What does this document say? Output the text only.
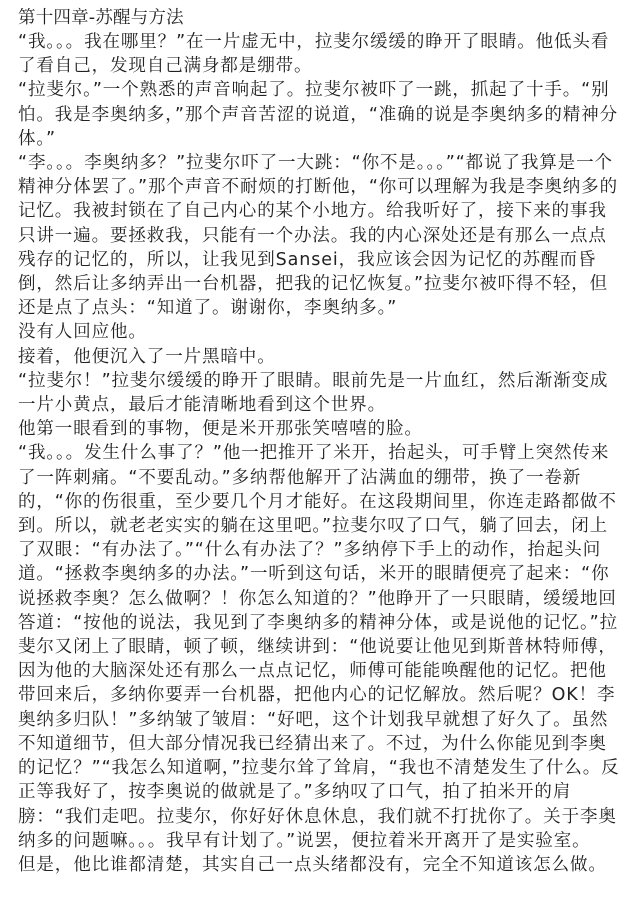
第十四章-苏醒与方法

“我。。。我在哪里？”在一片虚无中，拉斐尔缓缓的睁开了眼睛。他低头看了看自己，发现自己满身都是绷带。

“拉斐尔。”一个熟悉的声音响起了。拉斐尔被吓了一跳，抓起了十手。“别怕。我是李奥纳多，”那个声音苦涩的说道，“准确的说是李奥纳多的精神分体。”

“李。。。李奥纳多？”拉斐尔吓了一大跳：“你不是。。。”“都说了我算是一个精神分体罢了。”那个声音不耐烦的打断他，“你可以理解为我是李奥纳多的记忆。我被封锁在了自己内心的某个小地方。给我听好了，接下来的事我只讲一遍。要拯救我，只能有一个办法。我的内心深处还是有那么一点点残存的记忆的，所以，让我见到Sansei，我应该会因为记忆的苏醒而昏倒，然后让多纳弄出一台机器，把我的记忆恢复。”拉斐尔被吓得不轻，但还是点了点头：“知道了。谢谢你，李奥纳多。”

没有人回应他。

接着，他便沉入了一片黑暗中。

“拉斐尔！”拉斐尔缓缓的睁开了眼睛。眼前先是一片血红，然后渐渐变成一片小黄点，最后才能清晰地看到这个世界。

他第一眼看到的事物，便是米开那张笑嘻嘻的脸。

“我。。。发生什么事了？”他一把推开了米开，抬起头，可手臂上突然传来了一阵刺痛。“不要乱动。”多纳帮他解开了沾满血的绷带，换了一卷新的，“你的伤很重，至少要几个月才能好。在这段期间里，你连走路都做不到。所以，就老老实实的躺在这里吧。”拉斐尔叹了口气，躺了回去，闭上了双眼：“有办法了。”“什么有办法了？”多纳停下手上的动作，抬起头问道。“拯救李奥纳多的办法。”一听到这句话，米开的眼睛便亮了起来：“你说拯救李奥？怎么做啊？！你怎么知道的？”他睁开了一只眼睛，缓缓地回答道：“按他的说法，我见到了李奥纳多的精神分体，或是说他的记忆。”拉斐尔又闭上了眼睛，顿了顿，继续讲到：“他说要让他见到斯普林特师傅，因为他的大脑深处还有那么一点点记忆，师傅可能能唤醒他的记忆。把他带回来后，多纳你要弄一台机器，把他内心的记忆解放。然后呢？OK！李奥纳多归队！”多纳皱了皱眉：“好吧，这个计划我早就想了好久了。虽然不知道细节，但大部分情况我已经猜出来了。不过，为什么你能见到李奥的记忆？”“我怎么知道啊，”拉斐尔耸了耸肩，“我也不清楚发生了什么。反正等我好了，按李奥说的做就是了。”多纳叹了口气，拍了拍米开的肩膀：“我们走吧。拉斐尔，你好好休息休息，我们就不打扰你了。关于李奥纳多的问题嘛。。。我早有计划了。”说罢，便拉着米开离开了是实验室。

但是，他比谁都清楚，其实自己一点头绪都没有，完全不知道该怎么做。
